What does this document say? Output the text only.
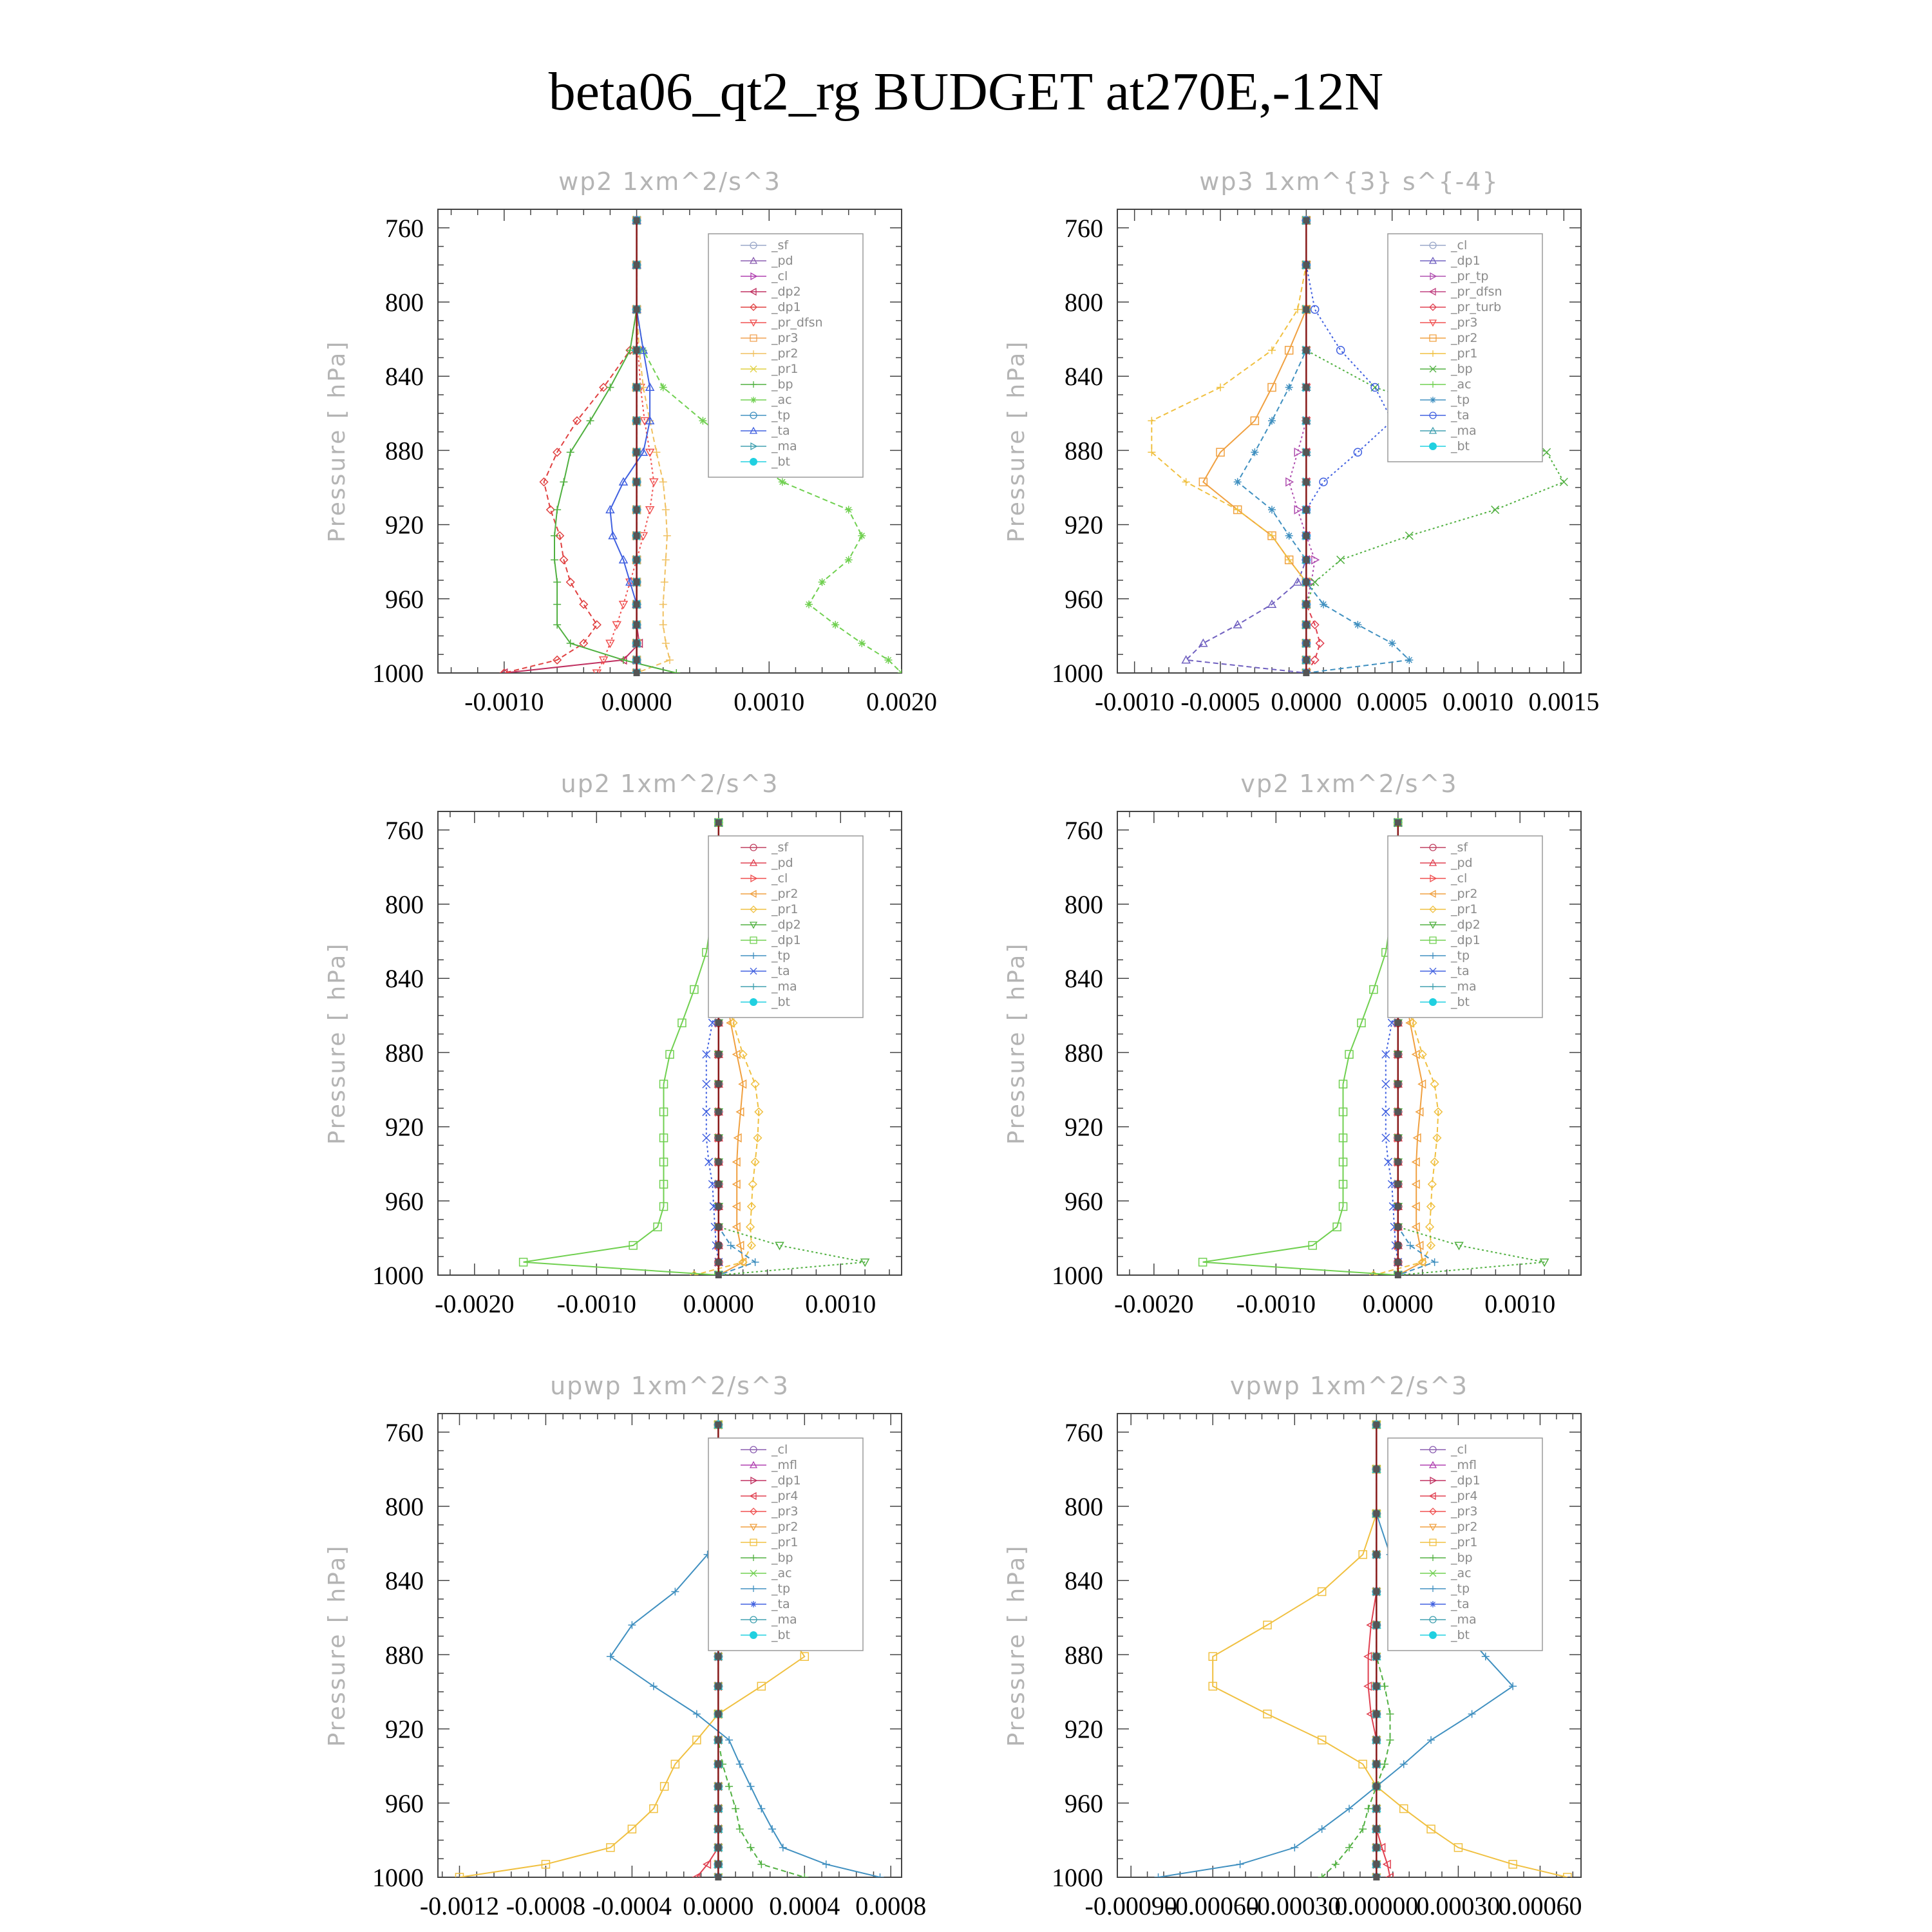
beta06_qt2_rg BUDGET at270E,-12N
wp2 1xm^2/s^3
Pressure [ hPa]
760
800
840
880
920
960
1000
-0.0010 0.0000 0.0010 0.0020
_sf
_pd
_cl
_dp2
_dp1
_pr_dfsn
_pr3
_pr2
_pr1
_bp
_ac
_tp
_ta
_ma
_bt
wp3 1xm^{3} s^{-4}
Pressure [ hPa]
760
800
840
880
920
960
1000
-0.0010 -0.0005 0.0000 0.0005 0.0010 0.0015
_cl
_dp1
_pr_tp
_pr_dfsn
_pr_turb
_pr3
_pr2
_pr1
_bp
_ac
_tp
_ta
_ma
_bt
up2 1xm^2/s^3
Pressure [ hPa]
760
800
840
880
920
960
1000
-0.0020 -0.0010 0.0000 0.0010
_sf
_pd
_cl
_pr2
_pr1
_dp2
_dp1
_tp
_ta
_ma
_bt
vp2 1xm^2/s^3
Pressure [ hPa]
760
800
840
880
920
960
1000
-0.0020 -0.0010 0.0000 0.0010
_sf
_pd
_cl
_pr2
_pr1
_dp2
_dp1
_tp
_ta
_ma
_bt
upwp 1xm^2/s^3
Pressure [ hPa]
760
800
840
880
920
960
1000
-0.0012 -0.0008 -0.0004 0.0000 0.0004 0.0008
_cl
_mfl
_dp1
_pr4
_pr3
_pr2
_pr1
_bp
_ac
_tp
_ta
_ma
_bt
vpwp 1xm^2/s^3
Pressure [ hPa]
760
800
840
880
920
960
1000
-0.00090
-0.00060
-0.00030
0.00000
0.00030
0.00060
_cl
_mfl
_dp1
_pr4
_pr3
_pr2
_pr1
_bp
_ac
_tp
_ta
_ma
_bt
